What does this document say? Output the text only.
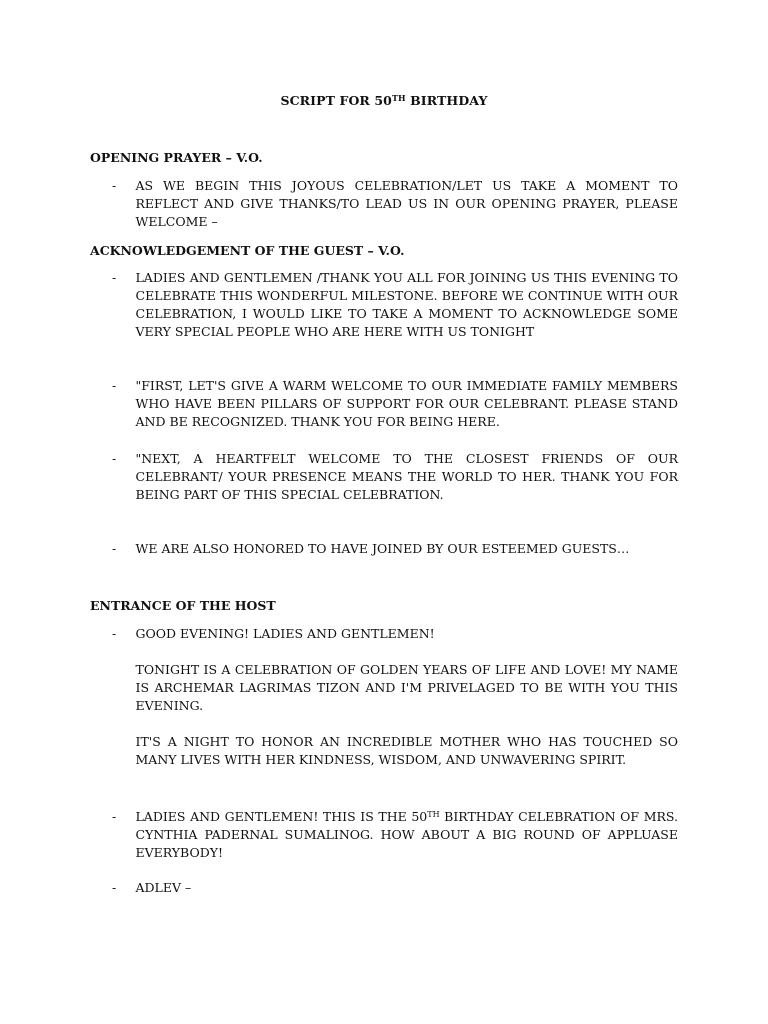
SCRIPT FOR 50TH BIRTHDAY
OPENING PRAYER – V.O.
- AS WE BEGIN THIS JOYOUS CELEBRATION/LET US TAKE A MOMENT TO REFLECT AND GIVE THANKS/TO LEAD US IN OUR OPENING PRAYER, PLEASE WELCOME –

ACKNOWLEDGEMENT OF THE GUEST – V.O.
- LADIES AND GENTLEMEN /THANK YOU ALL FOR JOINING US THIS EVENING TO CELEBRATE THIS WONDERFUL MILESTONE. BEFORE WE CONTINUE WITH OUR CELEBRATION, I WOULD LIKE TO TAKE A MOMENT TO ACKNOWLEDGE SOME VERY SPECIAL PEOPLE WHO ARE HERE WITH US TONIGHT

- "FIRST, LET'S GIVE A WARM WELCOME TO OUR IMMEDIATE FAMILY MEMBERS WHO HAVE BEEN PILLARS OF SUPPORT FOR OUR CELEBRANT. PLEASE STAND AND BE RECOGNIZED. THANK YOU FOR BEING HERE.

- "NEXT, A HEARTFELT WELCOME TO THE CLOSEST FRIENDS OF OUR CELEBRANT/ YOUR PRESENCE MEANS THE WORLD TO HER. THANK YOU FOR BEING PART OF THIS SPECIAL CELEBRATION.

- WE ARE ALSO HONORED TO HAVE JOINED BY OUR ESTEEMED GUESTS…

ENTRANCE OF THE HOST
- GOOD EVENING! LADIES AND GENTLEMEN!

TONIGHT IS A CELEBRATION OF GOLDEN YEARS OF LIFE AND LOVE! MY NAME IS ARCHEMAR LAGRIMAS TIZON AND I'M PRIVELAGED TO BE WITH YOU THIS EVENING.

IT'S A NIGHT TO HONOR AN INCREDIBLE MOTHER WHO HAS TOUCHED SO MANY LIVES WITH HER KINDNESS, WISDOM, AND UNWAVERING SPIRIT.

- LADIES AND GENTLEMEN! THIS IS THE 50TH BIRTHDAY CELEBRATION OF MRS. CYNTHIA PADERNAL SUMALINOG. HOW ABOUT A BIG ROUND OF APPLUASE EVERYBODY!

- ADLEV –
